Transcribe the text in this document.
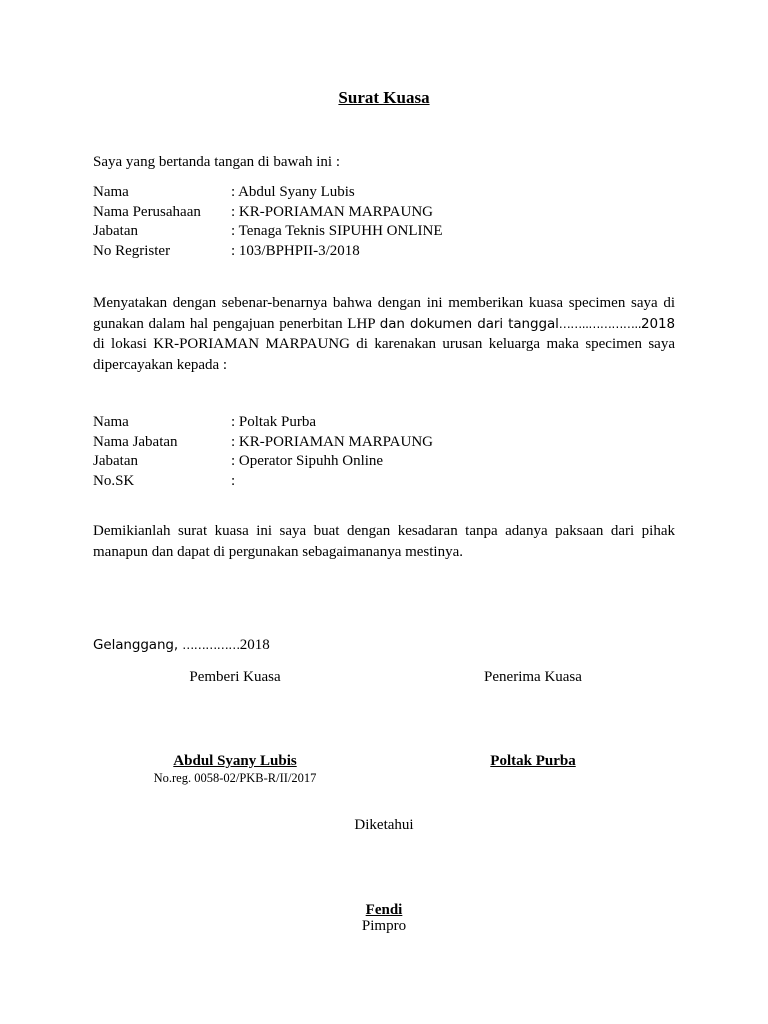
Surat Kuasa
Saya yang bertanda tangan di bawah ini :
Nama	: Abdul Syany Lubis
Nama Perusahaan : KR-PORIAMAN MARPAUNG
Jabatan	: Tenaga Teknis SIPUHH ONLINE
No Regrister	: 103/BPHPII-3/2018
Menyatakan dengan sebenar-benarnya bahwa dengan ini memberikan kuasa specimen saya di gunakan dalam hal pengajuan penerbitan LHP dan dokumen dari tanggal……..…………..2018 di lokasi KR-PORIAMAN MARPAUNG di karenakan urusan keluarga maka specimen saya dipercayakan kepada :
Nama	: Poltak Purba
Nama Jabatan	: KR-PORIAMAN MARPAUNG
Jabatan	: Operator Sipuhh Online
No.SK	:
Demikianlah surat kuasa ini saya buat dengan kesadaran tanpa adanya paksaan dari pihak manapun dan dapat di pergunakan sebagaimananya mestinya.
Gelanggang, ……………2018
Pemberi Kuasa	Penerima Kuasa
Abdul Syany Lubis
No.reg. 0058-02/PKB-R/II/2017
Poltak Purba
Diketahui
Fendi
Pimpro
